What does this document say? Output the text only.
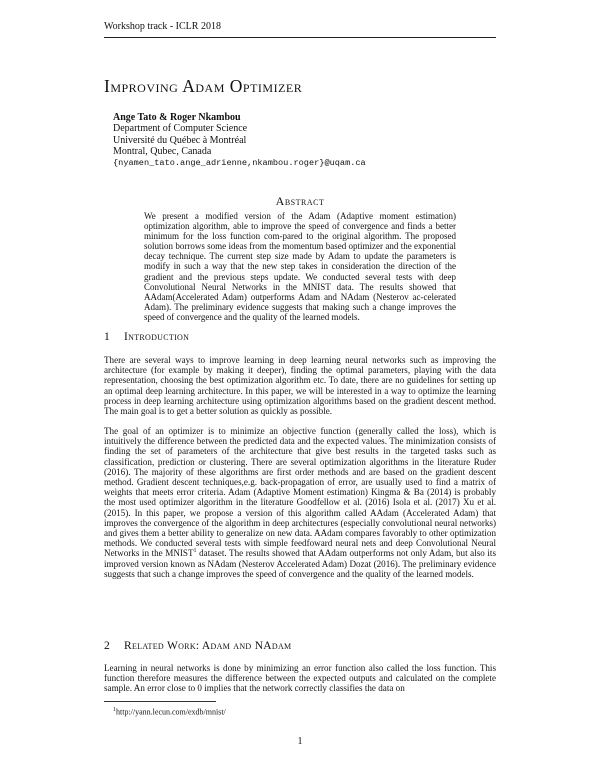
Workshop track - ICLR 2018
Improving Adam Optimizer
Ange Tato & Roger Nkambou
Department of Computer Science
Université du Québec à Montréal
Montral, Qubec, Canada
{nyamen_tato.ange_adrienne,nkambou.roger}@uqam.ca
Abstract
We present a modified version of the Adam (Adaptive moment estimation) optimization algorithm, able to improve the speed of convergence and finds a better minimum for the loss function com-pared to the original algorithm. The proposed solution borrows some ideas from the momentum based optimizer and the exponential decay technique. The current step size made by Adam to update the parameters is modify in such a way that the new step takes in consideration the direction of the gradient and the previous steps update. We conducted several tests with deep Convolutional Neural Networks in the MNIST data. The results showed that AAdam(Accelerated Adam) outperforms Adam and NAdam (Nesterov ac-celerated Adam). The preliminary evidence suggests that making such a change improves the speed of convergence and the quality of the learned models.
1 Introduction
There are several ways to improve learning in deep learning neural networks such as improving the architecture (for example by making it deeper), finding the optimal parameters, playing with the data representation, choosing the best optimization algorithm etc. To date, there are no guidelines for setting up an optimal deep learning architecture. In this paper, we will be interested in a way to optimize the learning process in deep learning architecture using optimization algorithms based on the gradient descent method. The main goal is to get a better solution as quickly as possible.
The goal of an optimizer is to minimize an objective function (generally called the loss), which is intuitively the difference between the predicted data and the expected values. The minimization consists of finding the set of parameters of the architecture that give best results in the targeted tasks such as classification, prediction or clustering. There are several optimization algorithms in the literature Ruder (2016). The majority of these algorithms are first order methods and are based on the gradient descent method. Gradient descent techniques,e.g. back-propagation of error, are usually used to find a matrix of weights that meets error criteria. Adam (Adaptive Moment estimation) Kingma & Ba (2014) is probably the most used optimizer algorithm in the literature Goodfellow et al. (2016) Isola et al. (2017) Xu et al. (2015). In this paper, we propose a version of this algorithm called AAdam (Accelerated Adam) that improves the convergence of the algorithm in deep architectures (especially convolutional neural networks) and gives them a better ability to generalize on new data. AAdam compares favorably to other optimization methods. We conducted several tests with simple feedfoward neural nets and deep Convolutional Neural Networks in the MNIST$^1$ dataset. The results showed that AAdam outperforms not only Adam, but also its improved version known as NAdam (Nesterov Accelerated Adam) Dozat (2016). The preliminary evidence suggests that such a change improves the speed of convergence and the quality of the learned models.
2 Related Work: Adam and NAdam
Learning in neural networks is done by minimizing an error function also called the loss function. This function therefore measures the difference between the expected outputs and calculated on the complete sample. An error close to 0 implies that the network correctly classifies the data on
$^1$http://yann.lecun.com/exdb/mnist/
1
